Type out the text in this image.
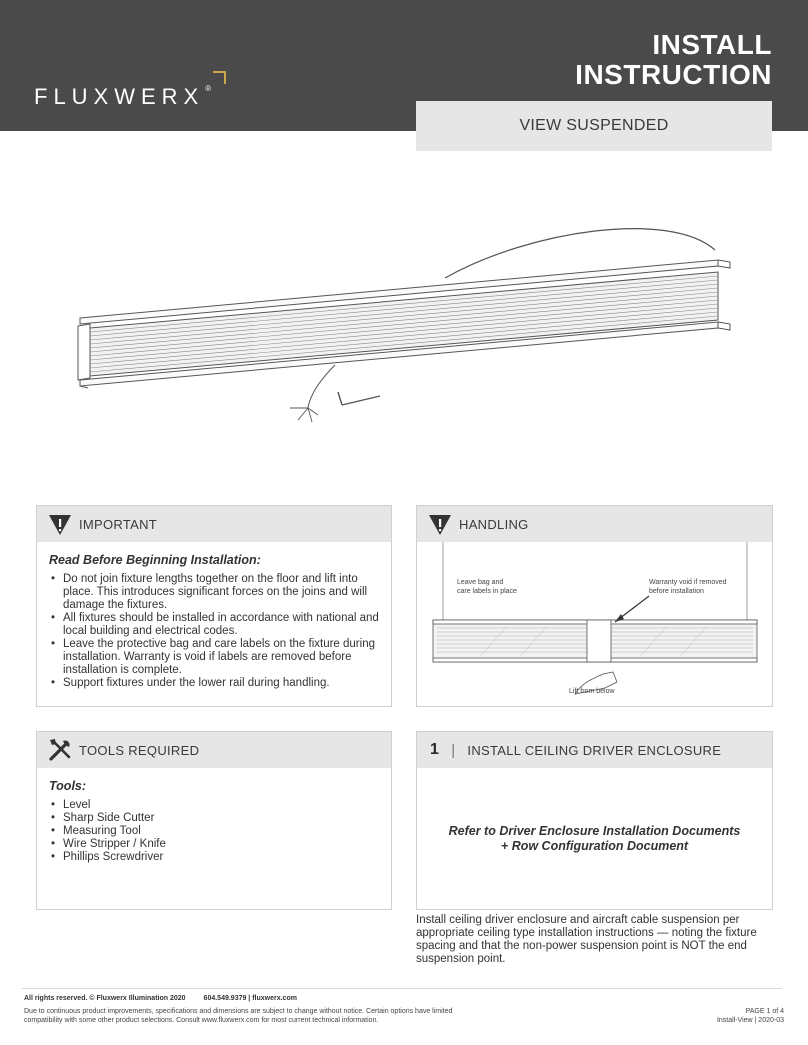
FLUXWERX®
INSTALL
INSTRUCTION
VIEW SUSPENDED
IMPORTANT

Read Before Beginning Installation:

• Do not join fixture lengths together on the floor and lift into place. This introduces significant forces on the joins and will damage the fixtures.
• All fixtures should be installed in accordance with national and local building and electrical codes.
• Leave the protective bag and care labels on the fixture during installation. Warranty is void if labels are removed before installation is complete.
• Support fixtures under the lower rail during handling.
HANDLING
Leave bag and
care labels in place
Warranty void if removed
before installation
Lift from below
TOOLS REQUIRED

Tools:

• Level
• Sharp Side Cutter
• Measuring Tool
• Wire Stripper / Knife
• Phillips Screwdriver
1 | INSTALL CEILING DRIVER ENCLOSURE
Refer to Driver Enclosure Installation Documents
+ Row Configuration Document
Install ceiling driver enclosure and aircraft cable suspension per appropriate ceiling type installation instructions — noting the fixture spacing and that the non-power suspension point is NOT the end suspension point.
All rights reserved. © Fluxwerx Illumination 2020	604.549.9379 | fluxwerx.com
Due to continuous product improvements, specifications and dimensions are subject to change without notice. Certain options have limited compatibility with some other product selections. Consult www.fluxwerx.com for most current technical information.
PAGE 1 of 4
Install-View | 2020-03
